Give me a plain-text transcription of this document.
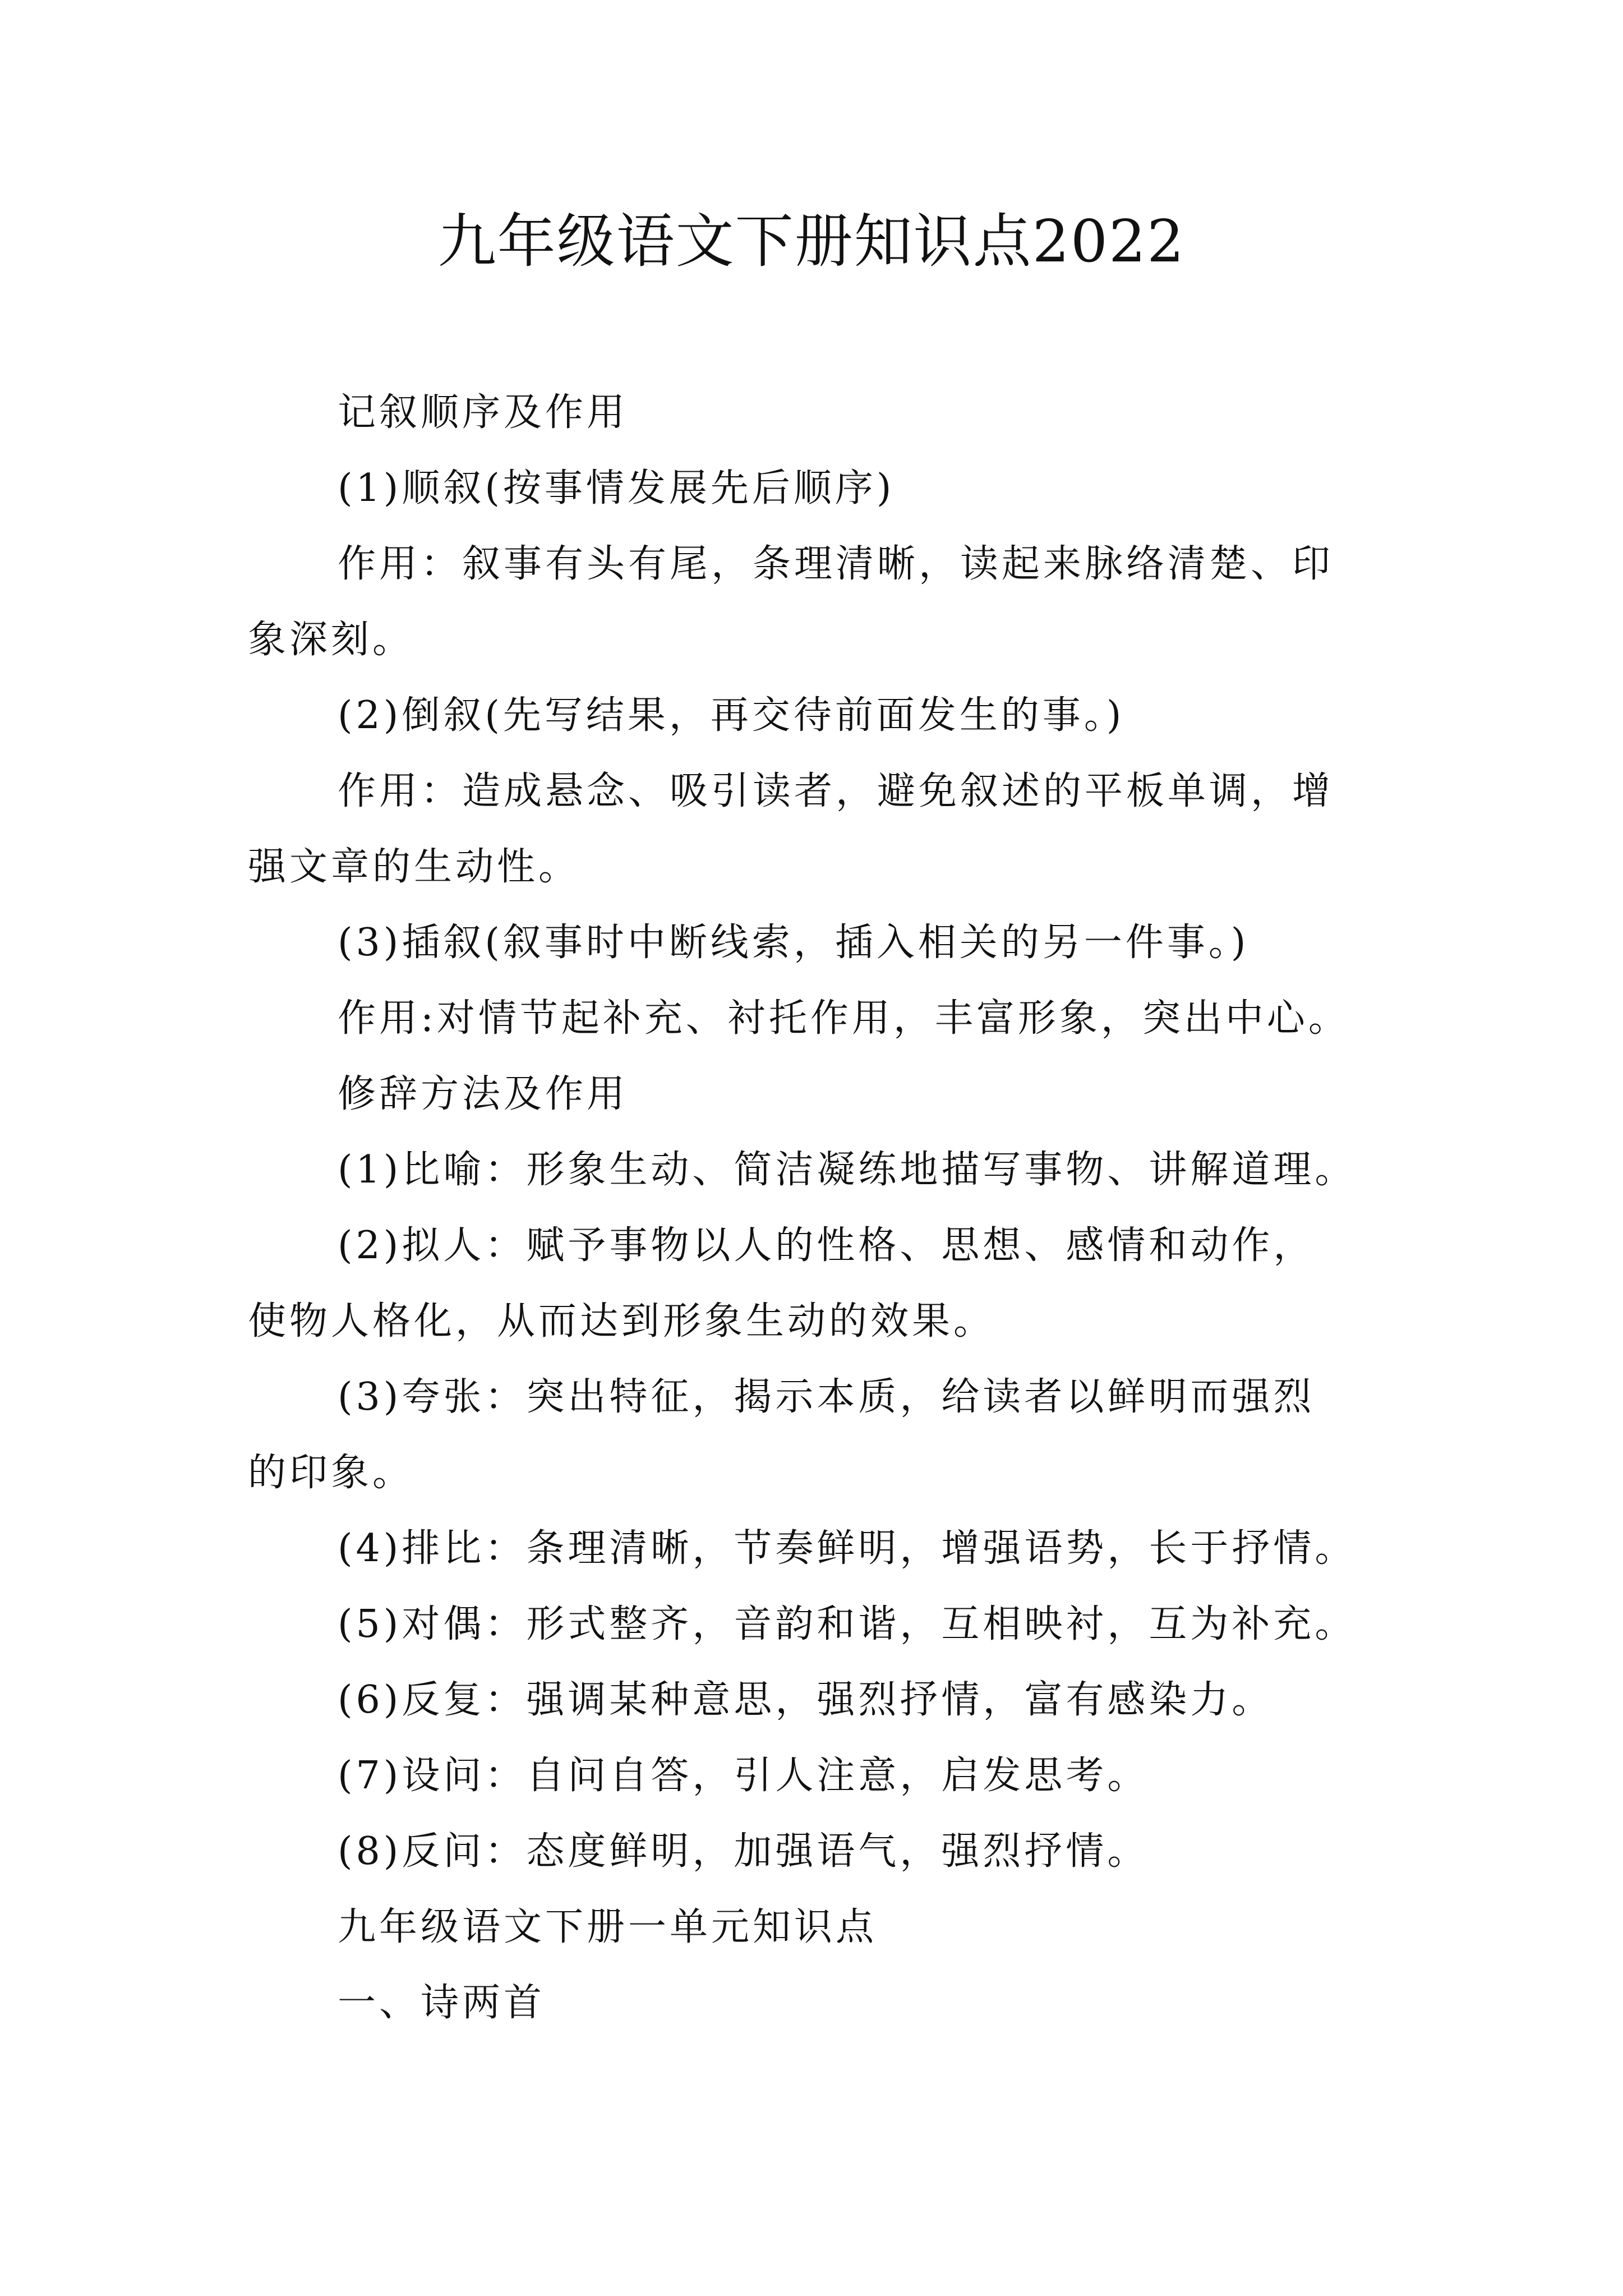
九年级语文下册知识点2022
记叙顺序及作用
(1)顺叙(按事情发展先后顺序)
作用：叙事有头有尾，条理清晰，读起来脉络清楚、印
象深刻。
(2)倒叙(先写结果，再交待前面发生的事。)
作用：造成悬念、吸引读者，避免叙述的平板单调，增
强文章的生动性。
(3)插叙(叙事时中断线索，插入相关的另一件事。)
作用:对情节起补充、衬托作用，丰富形象，突出中心。
修辞方法及作用
(1)比喻：形象生动、简洁凝练地描写事物、讲解道理。
(2)拟人：赋予事物以人的性格、思想、感情和动作，
使物人格化，从而达到形象生动的效果。
(3)夸张：突出特征，揭示本质，给读者以鲜明而强烈
的印象。
(4)排比：条理清晰，节奏鲜明，增强语势，长于抒情。
(5)对偶：形式整齐，音韵和谐，互相映衬，互为补充。
(6)反复：强调某种意思，强烈抒情，富有感染力。
(7)设问：自问自答，引人注意，启发思考。
(8)反问：态度鲜明，加强语气，强烈抒情。
九年级语文下册一单元知识点
一、诗两首
